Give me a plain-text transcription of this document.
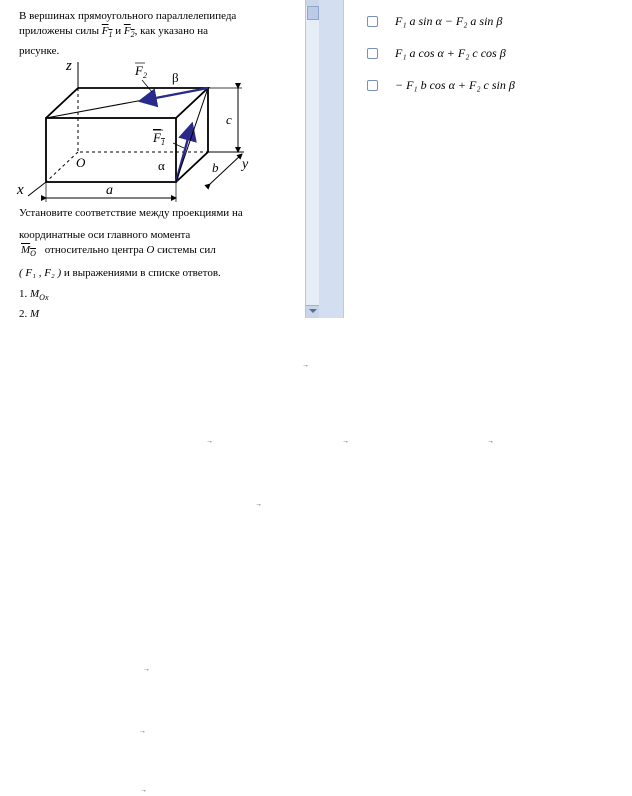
В вершинах прямоугольного параллелепипеда
приложены силы $F_1$ и $F_2$, как указано на
рисунке.
z
x
y
O
a
b
c
α
β
$F_1$
$F_2$
Установите соответствие между проекциями на
координатные оси главного момента
$M_O$ относительно центра O системы сил
( F₁ , F₂ ) и выражениями в списке ответов.
1. $M_{Ox}$
2. M
F₁ a sin α − F₂ a sin β
F₁ a cos α + F₂ c cos β
− F₁ b cos α + F₂ c sin β
→
→	→	→
→
→
→
→
